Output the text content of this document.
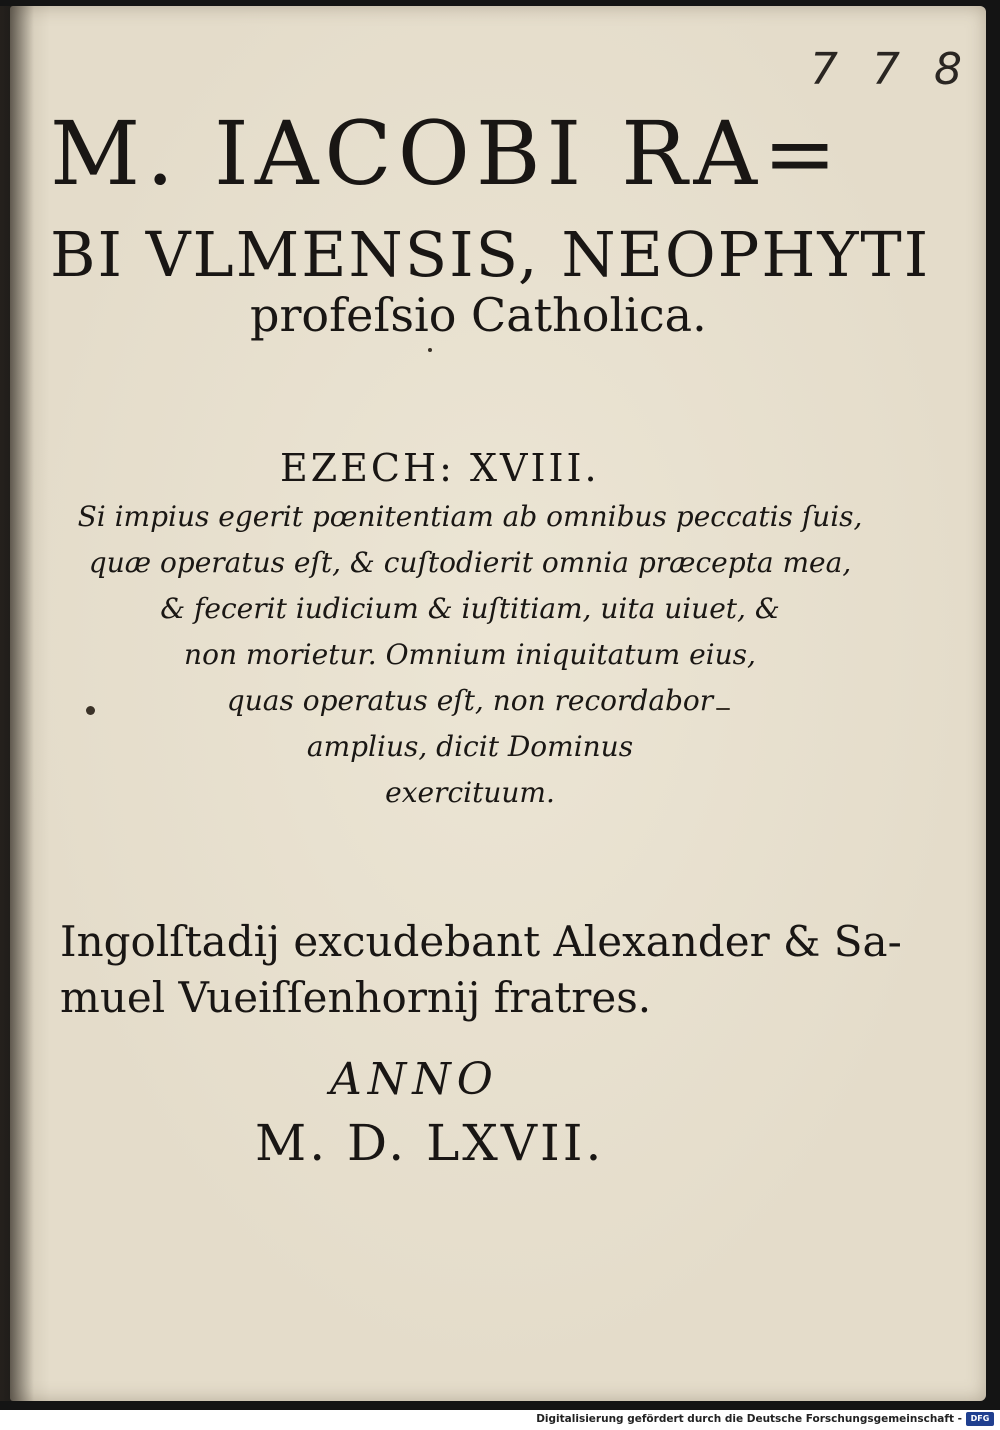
7 7 8
M. IACOBI RA=
BI VLMENSIS, NEOPHYTI
profeſsio Catholica.
EZECH: XVIII.
Si impius egerit pœnitentiam ab omnibus peccatis ſuis,
quæ operatus eſt, & cuſtodierit omnia præcepta mea,
& fecerit iudicium & iuſtitiam, uita uiuet, &
non morietur. Omnium iniquitatum eius,
quas operatus eſt, non recordabor
amplius, dicit Dominus
exercituum.
Ingolſtadij excudebant Alexander & Sa-
muel Vueiſſenhornij fratres.
ANNO
M. D. LXVII.
Digitalisierung gefördert durch die Deutsche Forschungsgemeinschaft -	DFG
